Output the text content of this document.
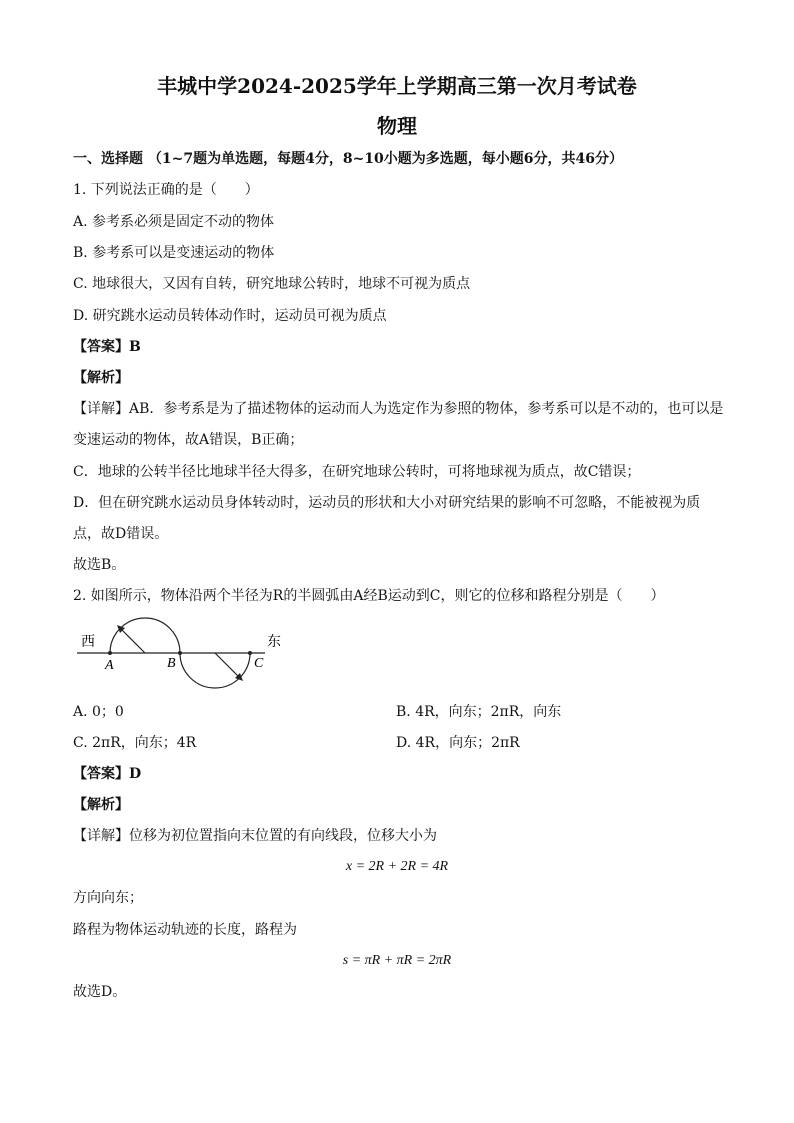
丰城中学2024-2025学年上学期高三第一次月考试卷
物理
一、选择题 （1~7题为单选题，每题4分，8~10小题为多选题，每小题6分，共46分）
1. 下列说法正确的是（　　）
A. 参考系必须是固定不动的物体
B. 参考系可以是变速运动的物体
C. 地球很大，又因有自转，研究地球公转时，地球不可视为质点
D. 研究跳水运动员转体动作时，运动员可视为质点
【答案】B
【解析】
【详解】AB．参考系是为了描述物体的运动而人为选定作为参照的物体，参考系可以是不动的，也可以是
变速运动的物体，故A错误，B正确；
C．地球的公转半径比地球半径大得多，在研究地球公转时，可将地球视为质点，故C错误；
D．但在研究跳水运动员身体转动时，运动员的形状和大小对研究结果的影响不可忽略，不能被视为质
点，故D错误。
故选B。
2. 如图所示，物体沿两个半径为R的半圆弧由A经B运动到C，则它的位移和路程分别是（　　）
西	东
A	B	C
A. 0；0	B. 4R，向东；2πR，向东
C. 2πR，向东；4R	D. 4R，向东；2πR
【答案】D
【解析】
【详解】位移为初位置指向末位置的有向线段，位移大小为
x = 2R + 2R = 4R
方向向东；
路程为物体运动轨迹的长度，路程为
s = πR + πR = 2πR
故选D。
